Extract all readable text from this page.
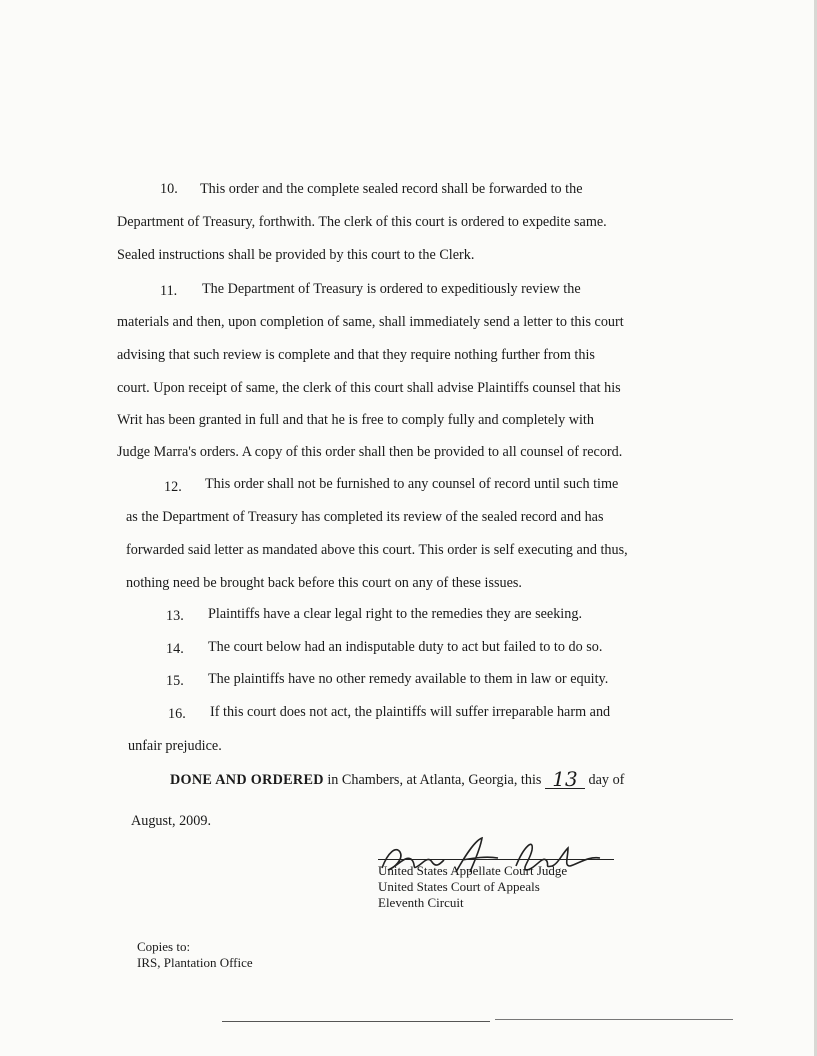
10. This order and the complete sealed record shall be forwarded to the

Department of Treasury, forthwith. The clerk of this court is ordered to expedite same.

Sealed instructions shall be provided by this court to the Clerk.

11. The Department of Treasury is ordered to expeditiously review the

materials and then, upon completion of same, shall immediately send a letter to this court

advising that such review is complete and that they require nothing further from this

court. Upon receipt of same, the clerk of this court shall advise Plaintiffs counsel that his

Writ has been granted in full and that he is free to comply fully and completely with

Judge Marra's orders. A copy of this order shall then be provided to all counsel of record.

12. This order shall not be furnished to any counsel of record until such time

as the Department of Treasury has completed its review of the sealed record and has

forwarded said letter as mandated above this court. This order is self executing and thus,

nothing need be brought back before this court on any of these issues.

13. Plaintiffs have a clear legal right to the remedies they are seeking.

14. The court below had an indisputable duty to act but failed to to do so.

15. The plaintiffs have no other remedy available to them in law or equity.

16. If this court does not act, the plaintiffs will suffer irreparable harm and

unfair prejudice.

DONE AND ORDERED in Chambers, at Atlanta, Georgia, this 13 day of

August, 2009.

United States Appellate Court Judge

United States Court of Appeals

Eleventh Circuit

Copies to:

IRS, Plantation Office
